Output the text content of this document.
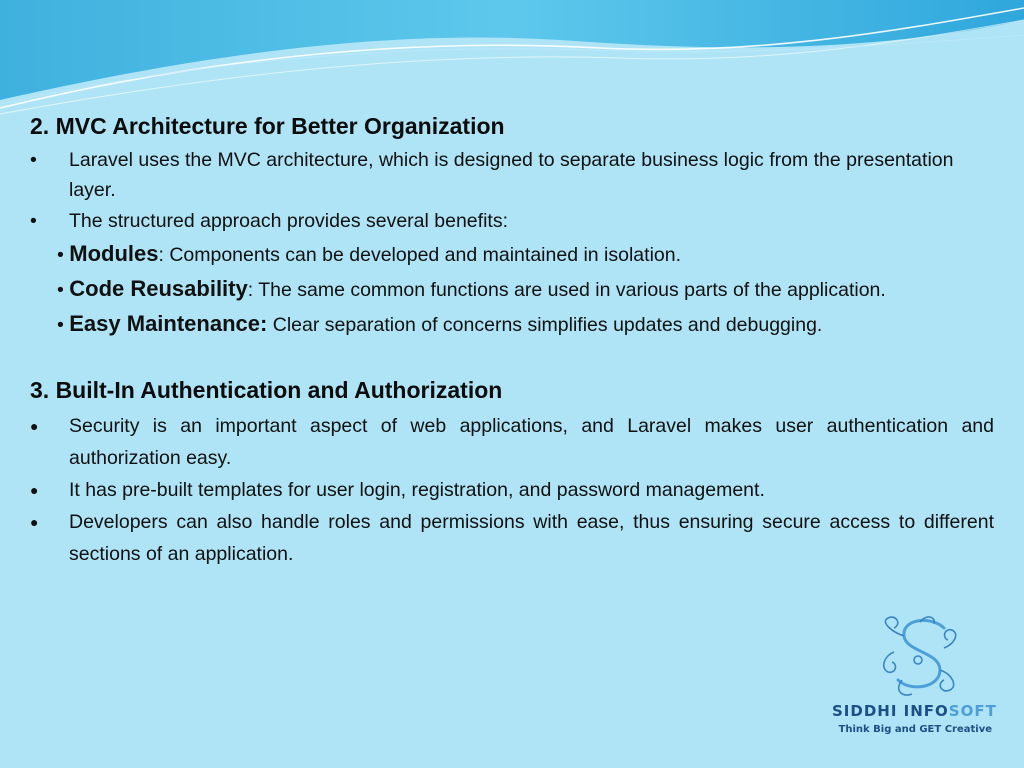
2. MVC Architecture for Better Organization
• Laravel uses the MVC architecture, which is designed to separate business logic from the presentation layer.
• The structured approach provides several benefits:
• Modules: Components can be developed and maintained in isolation.
• Code Reusability: The same common functions are used in various parts of the application.
• Easy Maintenance: Clear separation of concerns simplifies updates and debugging.
3. Built-In Authentication and Authorization
● Security is an important aspect of web applications, and Laravel makes user authentication and authorization easy.
● It has pre-built templates for user login, registration, and password management.
● Developers can also handle roles and permissions with ease, thus ensuring secure access to different sections of an application.
SIDDHI INFOSOFT
Think Big and GET Creative
